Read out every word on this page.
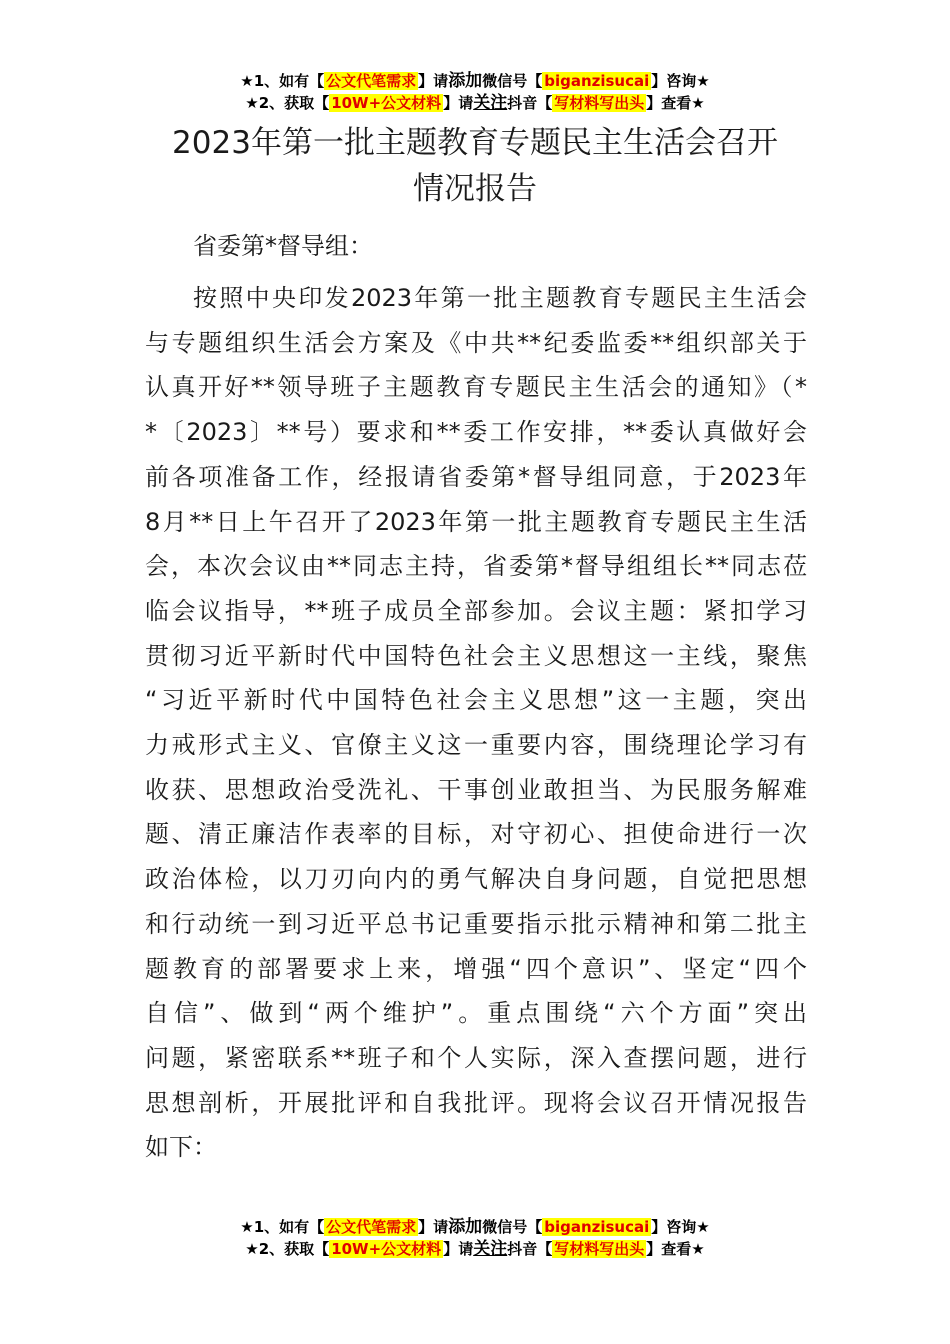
★1、如有【 公文代笔需求 】请添加微信号【 biganzisucai 】咨询★
★2、获取【 10W+公文材料 】请关注抖音【 写材料写出头 】查看★
2023年第一批主题教育专题民主生活会召开
情况报告
省委第*督导组：
按照中央印发2023年第一批主题教育专题民主生活会
与专题组织生活会方案及《中共**纪委监委**组织部关于
认真开好**领导班子主题教育专题民主生活会的通知》（*
*〔2023〕**号）要求和**委工作安排，**委认真做好会
前各项准备工作，经报请省委第*督导组同意，于2023年
8月**日上午召开了2023年第一批主题教育专题民主生活
会，本次会议由**同志主持，省委第*督导组组长**同志莅
临会议指导，**班子成员全部参加。会议主题：紧扣学习
贯彻习近平新时代中国特色社会主义思想这一主线，聚焦
“习近平新时代中国特色社会主义思想”这一主题，突出
力戒形式主义、官僚主义这一重要内容，围绕理论学习有
收获、思想政治受洗礼、干事创业敢担当、为民服务解难
题、清正廉洁作表率的目标，对守初心、担使命进行一次
政治体检，以刀刃向内的勇气解决自身问题，自觉把思想
和行动统一到习近平总书记重要指示批示精神和第二批主
题教育的部署要求上来，增强“四个意识”、坚定“四个
自信”、做到“两个维护”。重点围绕“六个方面”突出
问题，紧密联系**班子和个人实际，深入查摆问题，进行
思想剖析，开展批评和自我批评。现将会议召开情况报告
如下：
★1、如有【 公文代笔需求 】请添加微信号【 biganzisucai 】咨询★
★2、获取【 10W+公文材料 】请关注抖音【 写材料写出头 】查看★
